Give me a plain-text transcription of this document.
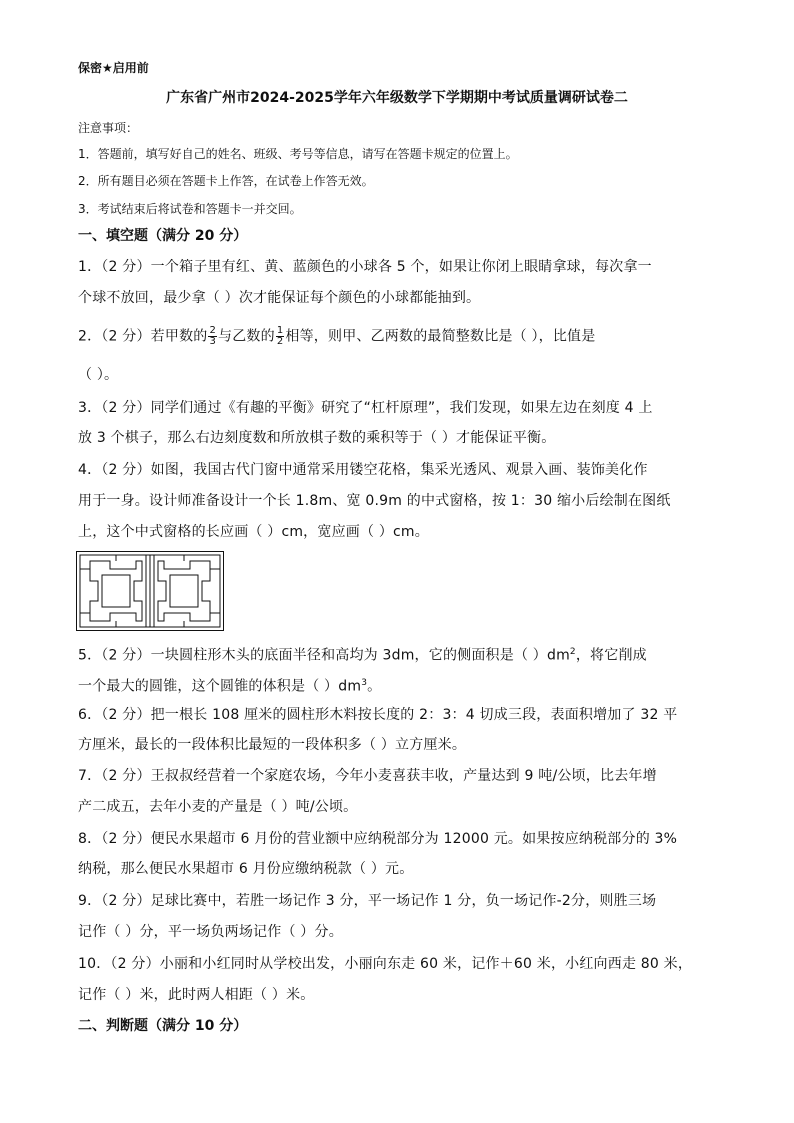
保密★启用前
广东省广州市2024-2025学年六年级数学下学期期中考试质量调研试卷二
注意事项：
1．答题前，填写好自己的姓名、班级、考号等信息，请写在答题卡规定的位置上。
2．所有题目必须在答题卡上作答，在试卷上作答无效。
3．考试结束后将试卷和答题卡一并交回。
一、填空题（满分 20 分）
1．（2 分）一个箱子里有红、黄、蓝颜色的小球各 5 个，如果让你闭上眼睛拿球，每次拿一
个球不放回，最少拿（ ）次才能保证每个颜色的小球都能抽到。
2．（2 分）若甲数的 $\frac{2}{3}$ 与乙数的 $\frac{1}{2}$ 相等，则甲、乙两数的最简整数比是（ ），比值是
（ ）。
3．（2 分）同学们通过《有趣的平衡》研究了“杠杆原理”，我们发现，如果左边在刻度 4 上
放 3 个棋子，那么右边刻度数和所放棋子数的乘积等于（ ）才能保证平衡。
4．（2 分）如图，我国古代门窗中通常采用镂空花格，集采光透风、观景入画、装饰美化作
用于一身。设计师准备设计一个长 1.8m、宽 0.9m 的中式窗格，按 1：30 缩小后绘制在图纸
上，这个中式窗格的长应画（ ）cm，宽应画（ ）cm。
5．（2 分）一块圆柱形木头的底面半径和高均为 3dm，它的侧面积是（ ）$dm^2$，将它削成
一个最大的圆锥，这个圆锥的体积是（ ）$dm^3$。
6．（2 分）把一根长 108 厘米的圆柱形木料按长度的 2：3：4 切成三段，表面积增加了 32 平
方厘米，最长的一段体积比最短的一段体积多（ ）立方厘米。
7．（2 分）王叔叔经营着一个家庭农场，今年小麦喜获丰收，产量达到 9 吨/公顷，比去年增
产二成五，去年小麦的产量是（ ）吨/公顷。
8．（2 分）便民水果超市 6 月份的营业额中应纳税部分为 12000 元。如果按应纳税部分的 3%
纳税，那么便民水果超市 6 月份应缴纳税款（ ）元。
9．（2 分）足球比赛中，若胜一场记作 3 分，平一场记作 1 分，负一场记作-2分，则胜三场
记作（ ）分，平一场负两场记作（ ）分。
10．（2 分）小丽和小红同时从学校出发，小丽向东走 60 米，记作＋60 米，小红向西走 80 米，
记作（ ）米，此时两人相距（ ）米。
二、判断题（满分 10 分）
